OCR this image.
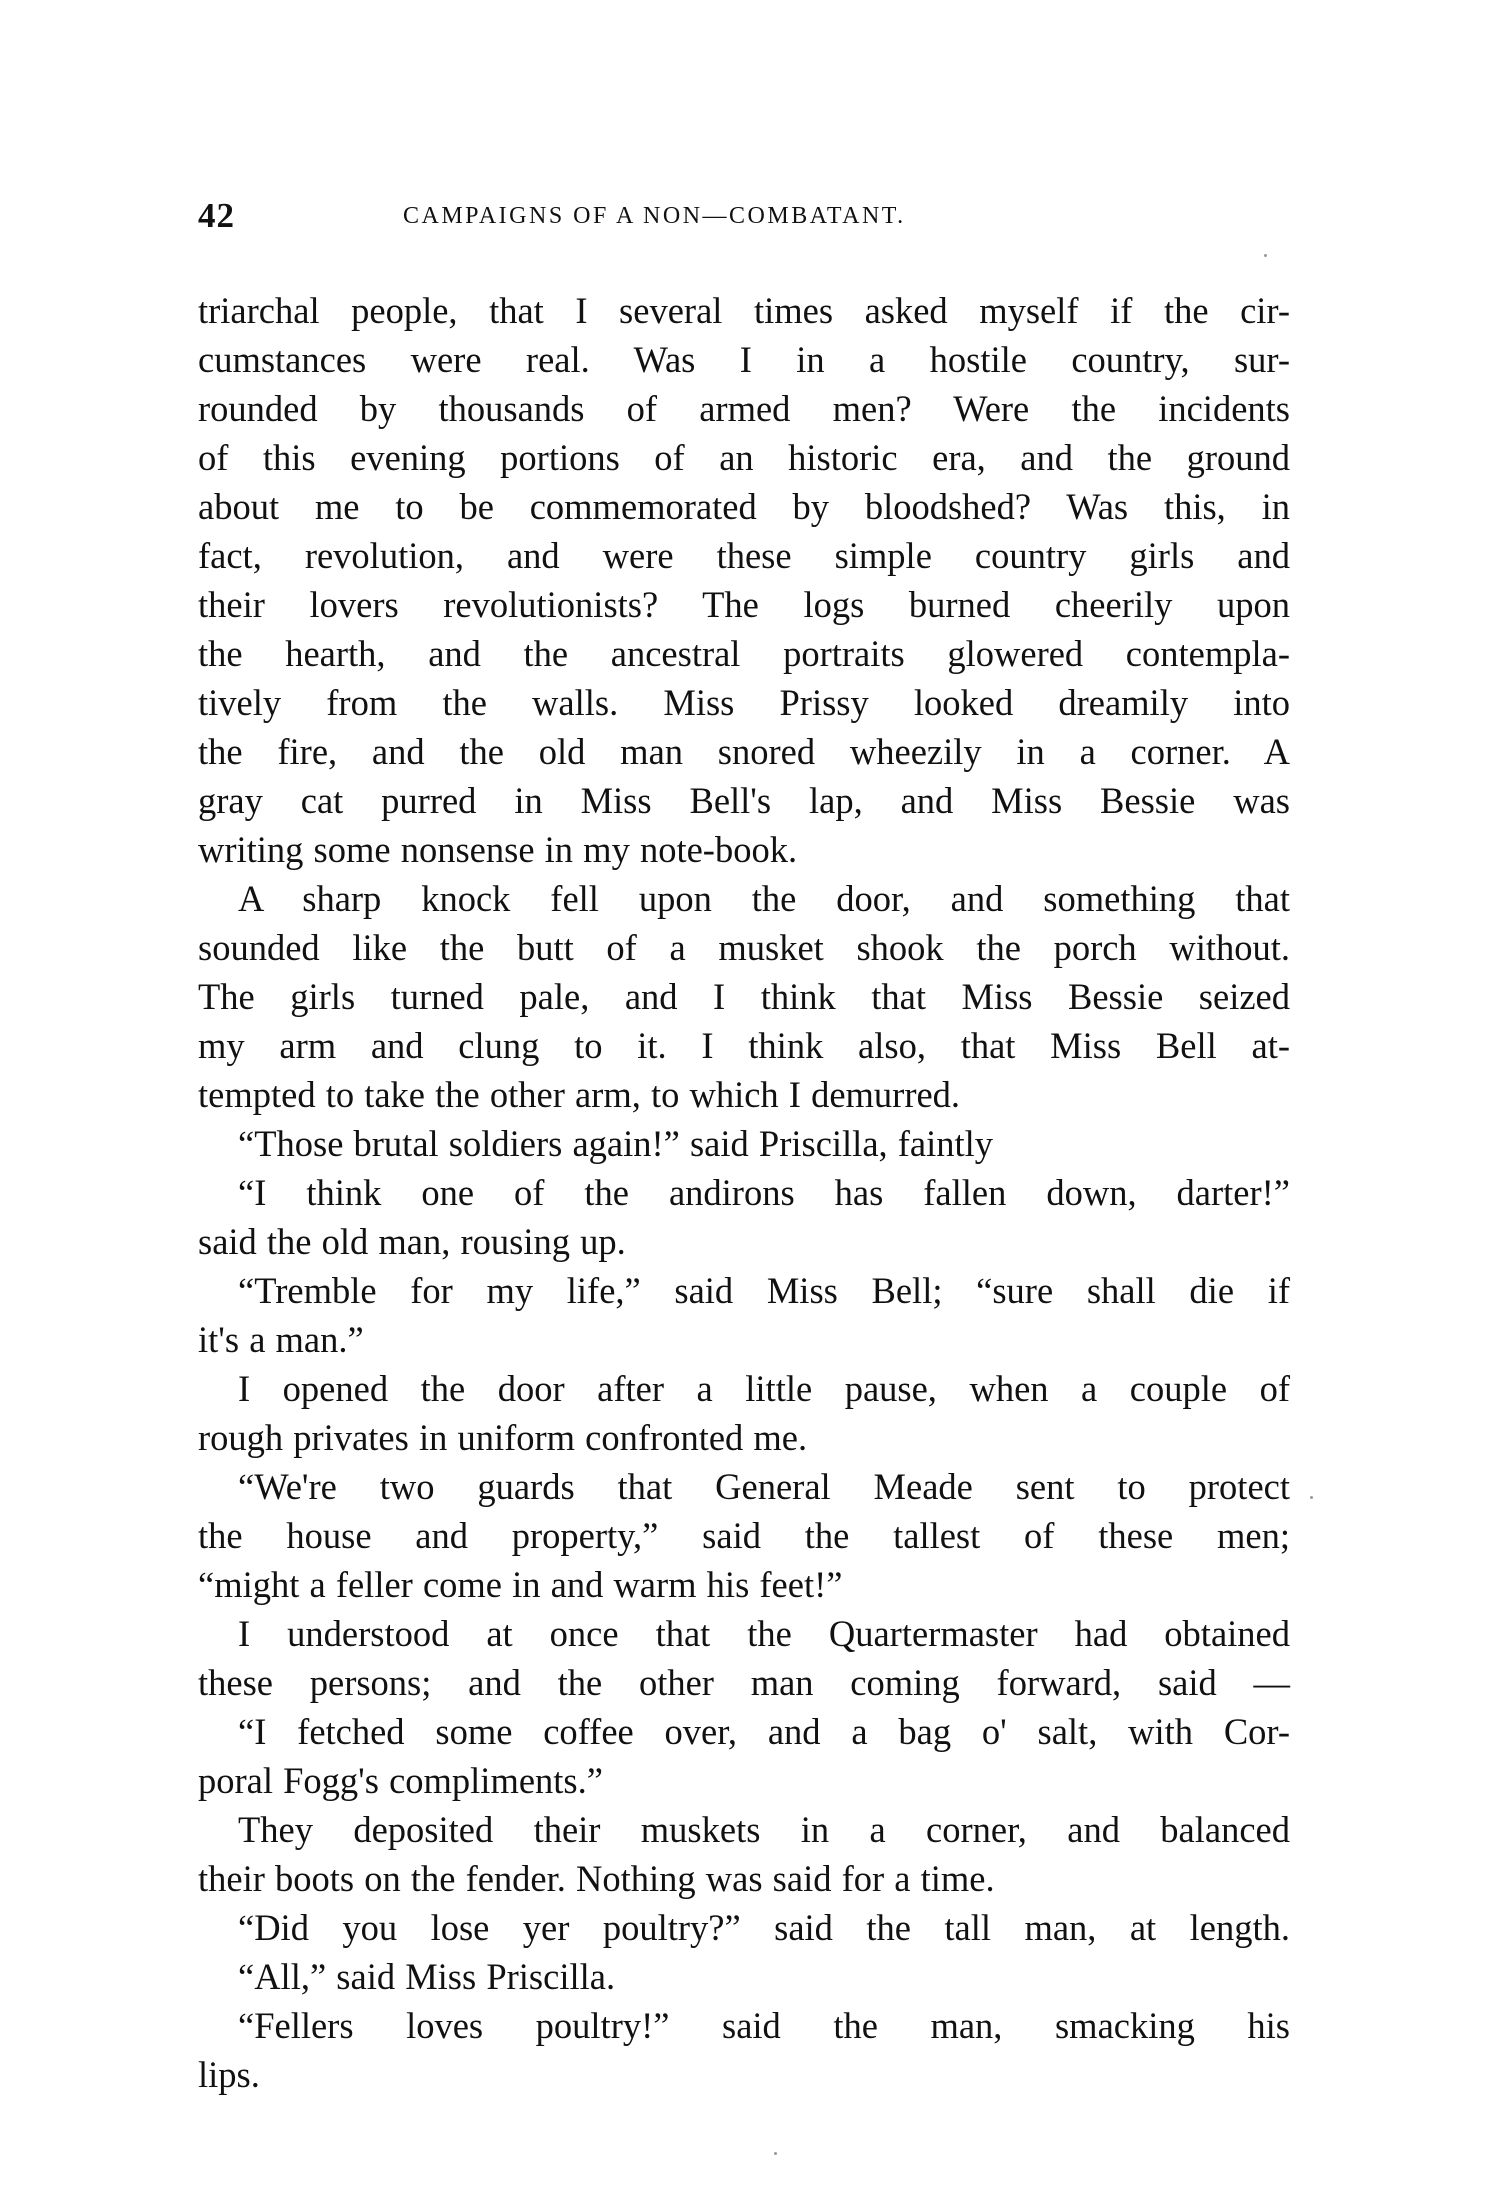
42	CAMPAIGNS OF A NON—COMBATANT.
triarchal people, that I several times asked myself if the cir-
cumstances were real. Was I in a hostile country, sur-
rounded by thousands of armed men? Were the incidents
of this evening portions of an historic era, and the ground
about me to be commemorated by bloodshed? Was this, in
fact, revolution, and were these simple country girls and
their lovers revolutionists? The logs burned cheerily upon
the hearth, and the ancestral portraits glowered contempla-
tively from the walls. Miss Prissy looked dreamily into
the fire, and the old man snored wheezily in a corner. A
gray cat purred in Miss Bell's lap, and Miss Bessie was
writing some nonsense in my note-book.
A sharp knock fell upon the door, and something that
sounded like the butt of a musket shook the porch without.
The girls turned pale, and I think that Miss Bessie seized
my arm and clung to it. I think also, that Miss Bell at-
tempted to take the other arm, to which I demurred.
“Those brutal soldiers again!” said Priscilla, faintly
“I think one of the andirons has fallen down, darter!”
said the old man, rousing up.
“Tremble for my life,” said Miss Bell; “sure shall die if
it's a man.”
I opened the door after a little pause, when a couple of
rough privates in uniform confronted me.
“We're two guards that General Meade sent to protect
the house and property,” said the tallest of these men;
“might a feller come in and warm his feet!”
I understood at once that the Quartermaster had obtained
these persons; and the other man coming forward, said —
“I fetched some coffee over, and a bag o' salt, with Cor-
poral Fogg's compliments.”
They deposited their muskets in a corner, and balanced
their boots on the fender. Nothing was said for a time.
“Did you lose yer poultry?” said the tall man, at length.
“All,” said Miss Priscilla.
“Fellers loves poultry!” said the man, smacking his
lips.
